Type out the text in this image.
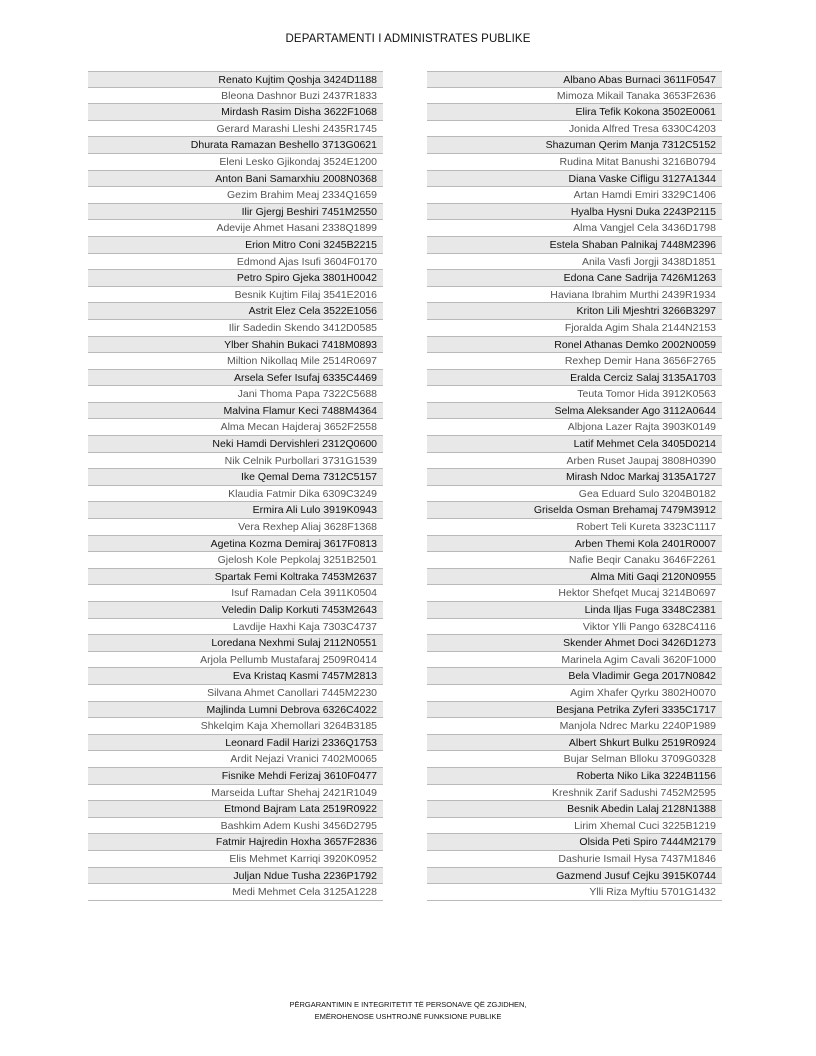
DEPARTAMENTI I ADMINISTRATES PUBLIKE
Renato Kujtim Qoshja 3424D1188
Bleona Dashnor Buzi 2437R1833
Mirdash Rasim Disha 3622F1068
Gerard Marashi Lleshi 2435R1745
Dhurata Ramazan Beshello 3713G0621
Eleni Lesko Gjikondaj 3524E1200
Anton Bani Samarxhiu 2008N0368
Gezim Brahim Meaj 2334Q1659
Ilir Gjergj Beshiri 7451M2550
Adevije Ahmet Hasani 2338Q1899
Erion Mitro Coni 3245B2215
Edmond Ajas Isufi 3604F0170
Petro Spiro Gjeka 3801H0042
Besnik Kujtim Filaj 3541E2016
Astrit Elez Cela 3522E1056
Ilir Sadedin Skendo 3412D0585
Ylber Shahin Bukaci 7418M0893
Miltion Nikollaq Mile 2514R0697
Arsela Sefer Isufaj 6335C4469
Jani Thoma Papa 7322C5688
Malvina Flamur Keci 7488M4364
Alma Mecan Hajderaj 3652F2558
Neki Hamdi Dervishleri 2312Q0600
Nik Celnik Purbollari 3731G1539
Ike Qemal Dema 7312C5157
Klaudia Fatmir Dika 6309C3249
Ermira Ali Lulo 3919K0943
Vera Rexhep Aliaj 3628F1368
Agetina Kozma Demiraj 3617F0813
Gjelosh Kole Pepkolaj 3251B2501
Spartak Femi Koltraka 7453M2637
Isuf Ramadan Cela 3911K0504
Veledin Dalip Korkuti 7453M2643
Lavdije Haxhi Kaja 7303C4737
Loredana Nexhmi Sulaj 2112N0551
Arjola Pellumb Mustafaraj 2509R0414
Eva Kristaq Kasmi 7457M2813
Silvana Ahmet Canollari 7445M2230
Majlinda Lumni Debrova 6326C4022
Shkelqim Kaja Xhemollari 3264B3185
Leonard Fadil Harizi 2336Q1753
Ardit Nejazi Vranici 7402M0065
Fisnike Mehdi Ferizaj 3610F0477
Marseida Luftar Shehaj 2421R1049
Etmond Bajram Lata 2519R0922
Bashkim Adem Kushi 3456D2795
Fatmir Hajredin Hoxha 3657F2836
Elis Mehmet Karriqi 3920K0952
Juljan Ndue Tusha 2236P1792
Medi Mehmet Cela 3125A1228
Albano Abas Burnaci 3611F0547
Mimoza Mikail Tanaka 3653F2636
Elira Tefik Kokona 3502E0061
Jonida Alfred Tresa 6330C4203
Shazuman Qerim Manja 7312C5152
Rudina Mitat Banushi 3216B0794
Diana Vaske Cifligu 3127A1344
Artan Hamdi Emiri 3329C1406
Hyalba Hysni Duka 2243P2115
Alma Vangjel Cela 3436D1798
Estela Shaban Palnikaj 7448M2396
Anila Vasfi Jorgji 3438D1851
Edona Cane Sadrija 7426M1263
Haviana Ibrahim Murthi 2439R1934
Kriton Lili Mjeshtri 3266B3297
Fjoralda Agim Shala 2144N2153
Ronel Athanas Demko 2002N0059
Rexhep Demir Hana 3656F2765
Eralda Cerciz Salaj 3135A1703
Teuta Tomor Hida 3912K0563
Selma Aleksander Ago 3112A0644
Albjona Lazer Rajta 3903K0149
Latif Mehmet Cela 3405D0214
Arben Ruset Jaupaj 3808H0390
Mirash Ndoc Markaj 3135A1727
Gea Eduard Sulo 3204B0182
Griselda Osman Brehamaj 7479M3912
Robert Teli Kureta 3323C1117
Arben Themi Kola 2401R0007
Nafie Beqir Canaku 3646F2261
Alma Miti Gaqi 2120N0955
Hektor Shefqet Mucaj 3214B0697
Linda Iljas Fuga 3348C2381
Viktor Ylli Pango 6328C4116
Skender Ahmet Doci 3426D1273
Marinela Agim Cavali 3620F1000
Bela Vladimir Gega 2017N0842
Agim Xhafer Qyrku 3802H0070
Besjana Petrika Zyferi 3335C1717
Manjola Ndrec Marku 2240P1989
Albert Shkurt Bulku 2519R0924
Bujar Selman Blloku 3709G0328
Roberta Niko Lika 3224B1156
Kreshnik Zarif Sadushi 7452M2595
Besnik Abedin Lalaj 2128N1388
Lirim Xhemal Cuci 3225B1219
Olsida Peti Spiro 7444M2179
Dashurie Ismail Hysa 7437M1846
Gazmend Jusuf Cejku 3915K0744
Ylli Riza Myftiu 5701G1432
PËRGARANTIMIN E INTEGRITETIT TË PERSONAVE QË ZGJIDHEN,
EMËROHENOSE USHTROJNË FUNKSIONE PUBLIKE
